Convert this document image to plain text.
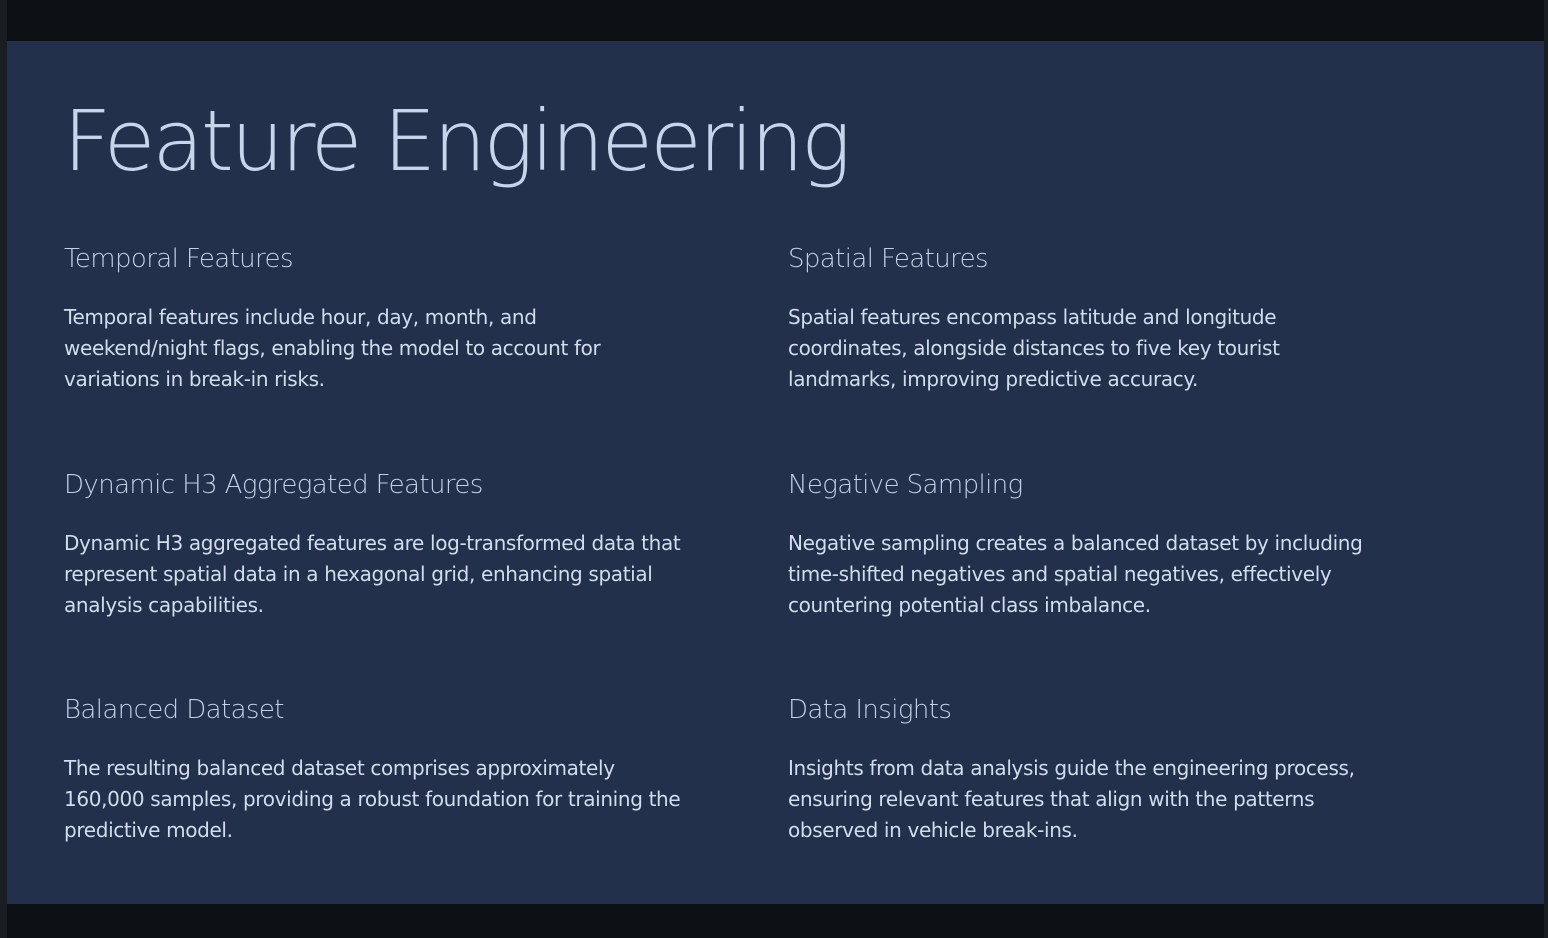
Feature Engineering
Temporal Features

Temporal features include hour, day, month, and weekend/night flags, enabling the model to account for variations in break-in risks.

Spatial Features

Spatial features encompass latitude and longitude coordinates, alongside distances to five key tourist landmarks, improving predictive accuracy.

Dynamic H3 Aggregated Features

Dynamic H3 aggregated features are log-transformed data that represent spatial data in a hexagonal grid, enhancing spatial analysis capabilities.

Negative Sampling

Negative sampling creates a balanced dataset by including time-shifted negatives and spatial negatives, effectively countering potential class imbalance.

Balanced Dataset

The resulting balanced dataset comprises approximately 160,000 samples, providing a robust foundation for training the predictive model.

Data Insights

Insights from data analysis guide the engineering process, ensuring relevant features that align with the patterns observed in vehicle break-ins.
